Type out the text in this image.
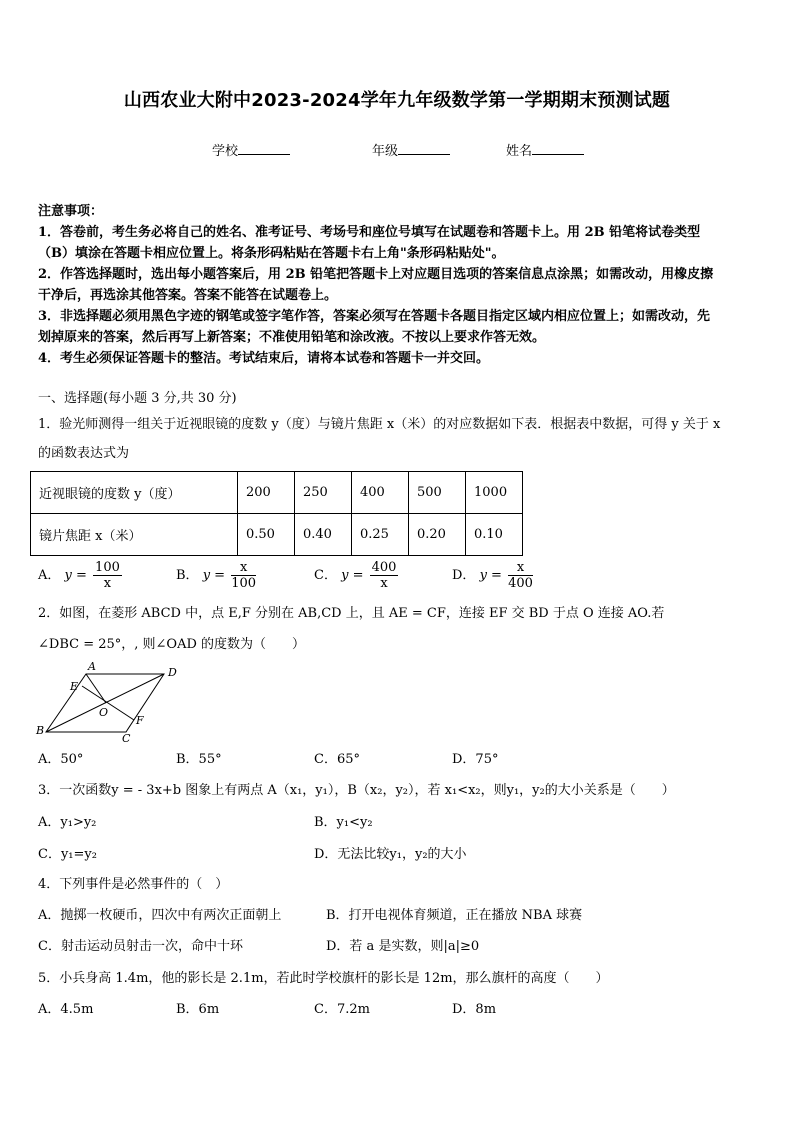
山西农业大附中2023-2024学年九年级数学第一学期期末预测试题
学校	年级	姓名
注意事项：
1．答卷前，考生务必将自己的姓名、准考证号、考场号和座位号填写在试题卷和答题卡上。用 2B 铅笔将试卷类型
（B）填涂在答题卡相应位置上。将条形码粘贴在答题卡右上角"条形码粘贴处"。
2．作答选择题时，选出每小题答案后，用 2B 铅笔把答题卡上对应题目选项的答案信息点涂黑；如需改动，用橡皮擦
干净后，再选涂其他答案。答案不能答在试题卷上。
3．非选择题必须用黑色字迹的钢笔或签字笔作答，答案必须写在答题卡各题目指定区域内相应位置上；如需改动，先
划掉原来的答案，然后再写上新答案；不准使用铅笔和涂改液。不按以上要求作答无效。
4．考生必须保证答题卡的整洁。考试结束后，请将本试卷和答题卡一并交回。
一、选择题(每小题 3 分,共 30 分)
1．验光师测得一组关于近视眼镜的度数 y（度）与镜片焦距 x（米）的对应数据如下表．根据表中数据，可得 y 关于 x
的函数表达式为
近视眼镜的度数 y（度）	200	250	400	500	1000
镜片焦距 x（米）	0.50	0.40	0.25	0.20	0.10
A． $y = \frac{100}{x}$	B． $y = \frac{x}{100}$	C． $y = \frac{400}{x}$	D． $y = \frac{x}{400}$
2．如图，在菱形 ABCD 中，点 E,F 分别在 AB,CD 上，且 AE = CF，连接 EF 交 BD 于点 O 连接 AO.若
∠DBC = 25°，, 则∠OAD 的度数为（　　）
A	D
E
O
F
B
C
A．50°	B．55°	C．65°	D．75°
3．一次函数y = - 3x+b 图象上有两点 A（x₁，y₁），B（x₂，y₂），若 x₁<x₂，则y₁，y₂的大小关系是（　　）
A．y₁>y₂	B．y₁<y₂
C．y₁=y₂	D．无法比较y₁，y₂的大小
4．下列事件是必然事件的（　）
A．抛掷一枚硬币，四次中有两次正面朝上	B．打开电视体育频道，正在播放 NBA 球赛
C．射击运动员射击一次，命中十环	D．若 a 是实数，则|a|≥0
5．小兵身高 1.4m，他的影长是 2.1m，若此时学校旗杆的影长是 12m，那么旗杆的高度（　　）
A．4.5m	B．6m	C．7.2m	D．8m
